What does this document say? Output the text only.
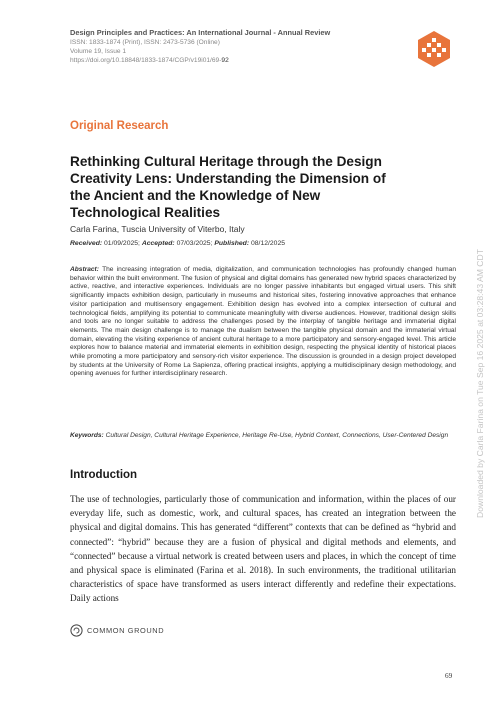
Design Principles and Practices: An International Journal - Annual Review
ISSN: 1833-1874 (Print), ISSN: 2473-5736 (Online)
Volume 19, Issue 1
https://doi.org/10.18848/1833-1874/CGP/v19i01/69-92
Original Research
Rethinking Cultural Heritage through the Design Creativity Lens: Understanding the Dimension of the Ancient and the Knowledge of New Technological Realities
Carla Farina, Tuscia University of Viterbo, Italy
Received: 01/09/2025; Accepted: 07/03/2025; Published: 08/12/2025

Abstract: The increasing integration of media, digitalization, and communication technologies has profoundly changed human behavior within the built environment. The fusion of physical and digital domains has generated new hybrid spaces characterized by active, reactive, and interactive experiences. Individuals are no longer passive inhabitants but engaged virtual users. This shift significantly impacts exhibition design, particularly in museums and historical sites, fostering innovative approaches that enhance visitor participation and multisensory engagement. Exhibition design has evolved into a complex intersection of cultural and technological fields, amplifying its potential to communicate meaningfully with diverse audiences. However, traditional design skills and tools are no longer suitable to address the challenges posed by the interplay of tangible heritage and immaterial digital elements. The main design challenge is to manage the dualism between the tangible physical domain and the immaterial virtual domain, elevating the visiting experience of ancient cultural heritage to a more participatory and sensory-engaged level. This article explores how to balance material and immaterial elements in exhibition design, respecting the physical identity of historical places while promoting a more participatory and sensory-rich visitor experience. The discussion is grounded in a design project developed by students at the University of Rome La Sapienza, offering practical insights, applying a multidisciplinary design methodology, and opening avenues for further interdisciplinary research.

Keywords: Cultural Design, Cultural Heritage Experience, Heritage Re-Use, Hybrid Context, Connections, User-Centered Design

Introduction

The use of technologies, particularly those of communication and information, within the places of our everyday life, such as domestic, work, and cultural spaces, has created an integration between the physical and digital domains. This has generated “different” contexts that can be defined as “hybrid and connected”: “hybrid” because they are a fusion of physical and digital methods and elements, and “connected” because a virtual network is created between users and places, in which the concept of time and physical space is eliminated (Farina et al. 2018). In such environments, the traditional utilitarian characteristics of space have transformed as users interact differently and redefine their expectations. Daily actions

Downloaded by Carla Farina on Tue Sep 16 2025 at 03:28:43 AM CDT
COMMON GROUND
69
